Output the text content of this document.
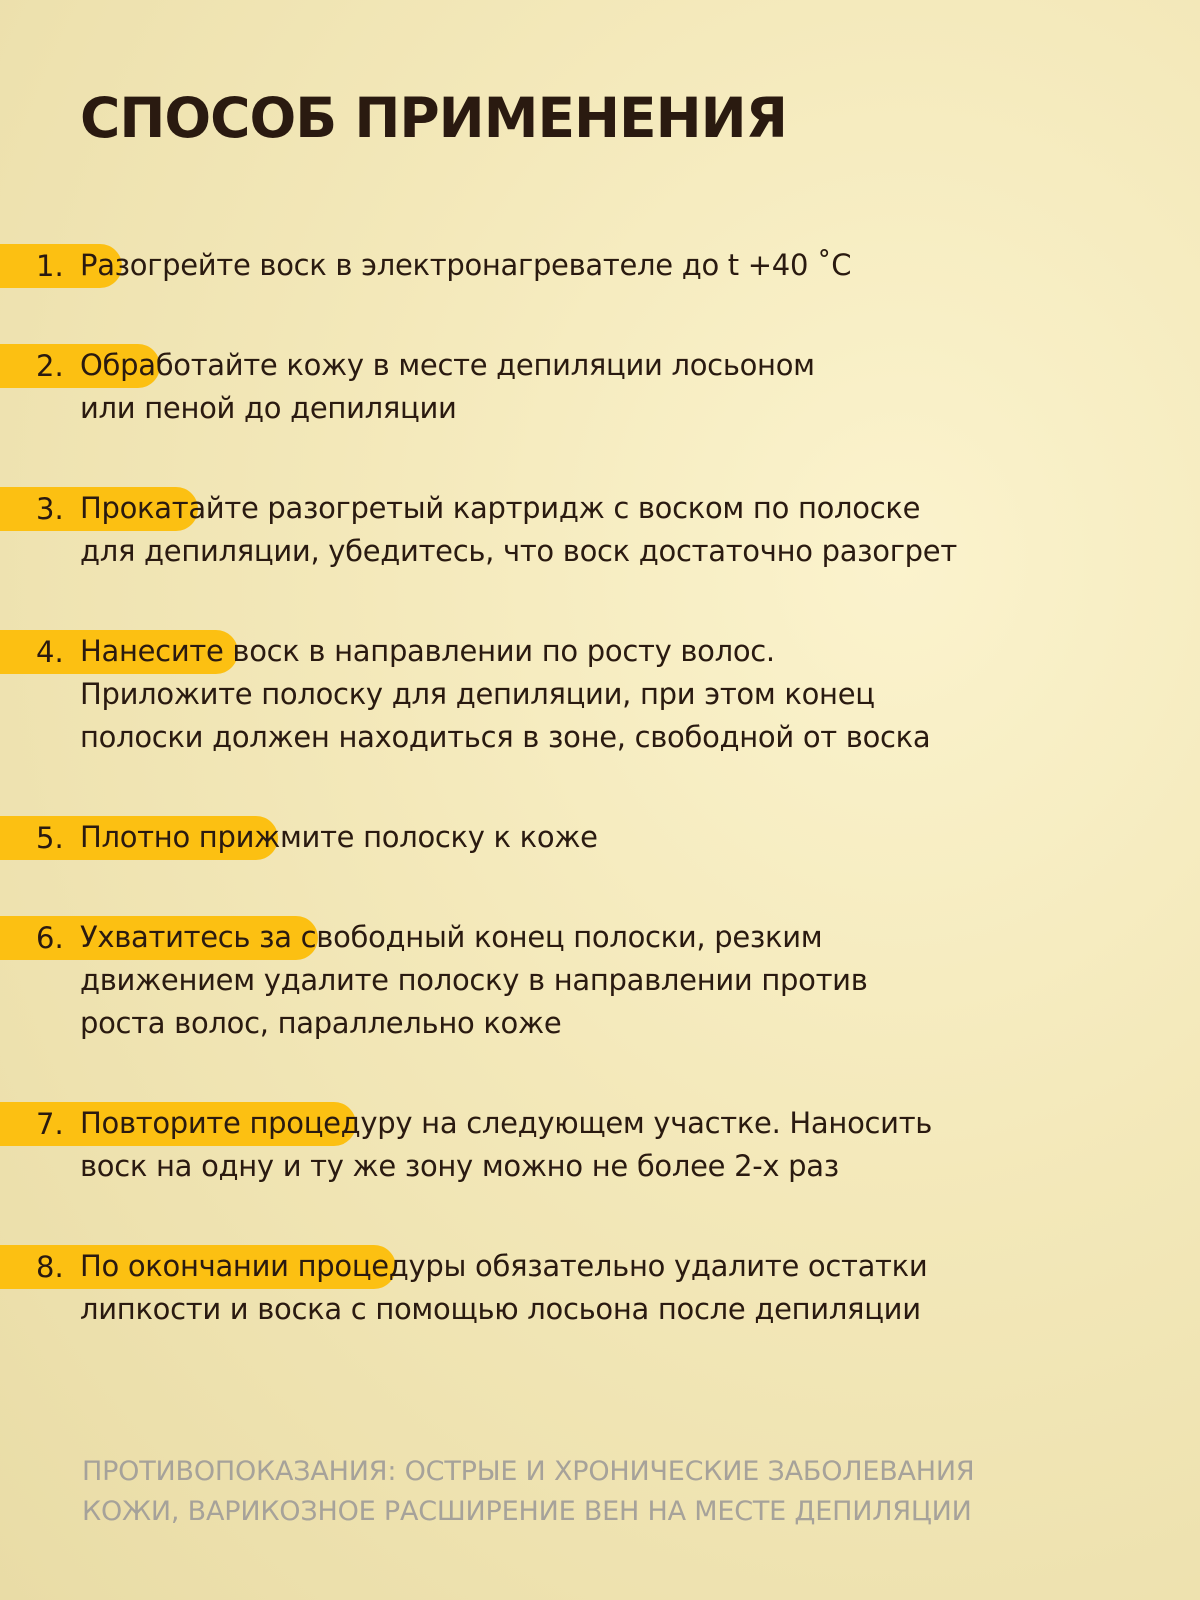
СПОСОБ ПРИМЕНЕНИЯ
1. Разогрейте воск в электронагревателе до t +40 ˚С
2. Обработайте кожу в месте депиляции лосьоном
или пеной до депиляции
3. Прокатайте разогретый картридж с воском по полоске
для депиляции, убедитесь, что воск достаточно разогрет
4. Нанесите воск в направлении по росту волос.
Приложите полоску для депиляции, при этом конец
полоски должен находиться в зоне, свободной от воска
5. Плотно прижмите полоску к коже
6. Ухватитесь за свободный конец полоски, резким
движением удалите полоску в направлении против
роста волос, параллельно коже
7. Повторите процедуру на следующем участке. Наносить
воск на одну и ту же зону можно не более 2-х раз
8. По окончании процедуры обязательно удалите остатки
липкости и воска с помощью лосьона после депиляции
ПРОТИВОПОКАЗАНИЯ: ОСТРЫЕ И ХРОНИЧЕСКИЕ ЗАБОЛЕВАНИЯ
КОЖИ, ВАРИКОЗНОЕ РАСШИРЕНИЕ ВЕН НА МЕСТЕ ДЕПИЛЯЦИИ
